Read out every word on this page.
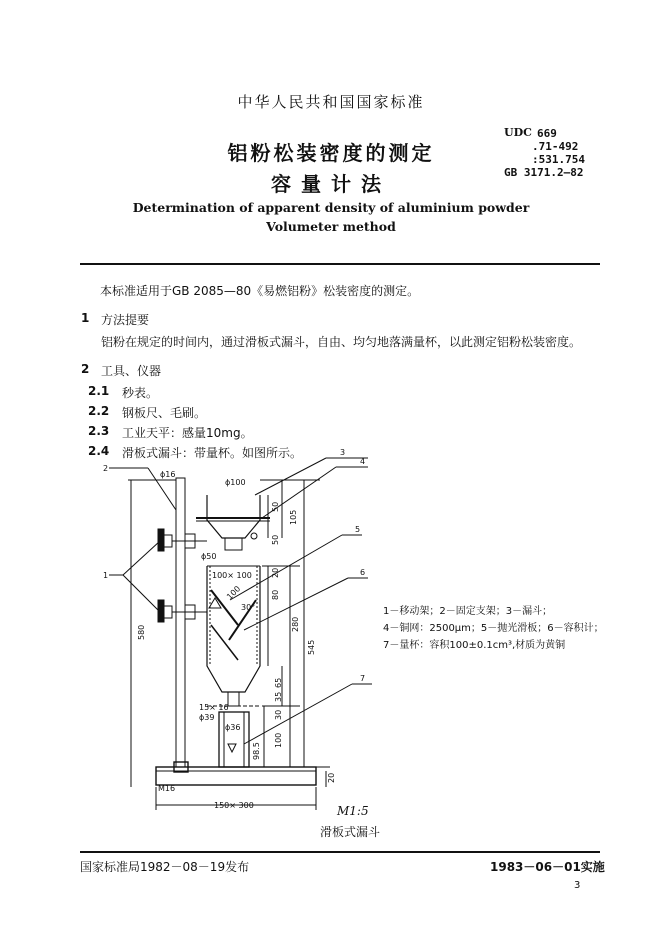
中华人民共和国国家标准
铝粉松装密度的测定
容量计法
Determination of apparent density of aluminium powder
Volumeter method
UDC 669
.71-492
:531.754
GB 3171.2—82

本标准适用于GB 2085—80《易燃铝粉》松装密度的测定。

1 方法提要

铝粉在规定的时间内，通过滑板式漏斗，自由、均匀地落满量杯，以此测定铝粉松装密度。

2 工具、仪器

2.1 秒表。

2.2 钢板尺、毛刷。

2.3 工业天平：感量10mg。

2.4 滑板式漏斗：带量杯。如图所示。

2
1
3
4
5
6
7
ϕ16
ϕ100
ϕ50
100× 100
15× 16
ϕ39
ϕ36
M16
150× 300
30°
100
50
105
50
20
80
280
545
580
65
35
30
100
98.5
20
1－移动架；2－固定支架；3－漏斗；
4－铜网：2500μm；5－抛光滑板；6－容积计；
7－量杯：容积100±0.1cm³,材质为黄铜
M1:5
滑板式漏斗
国家标准局1982－08－19发布	1983－06－01实施
3
